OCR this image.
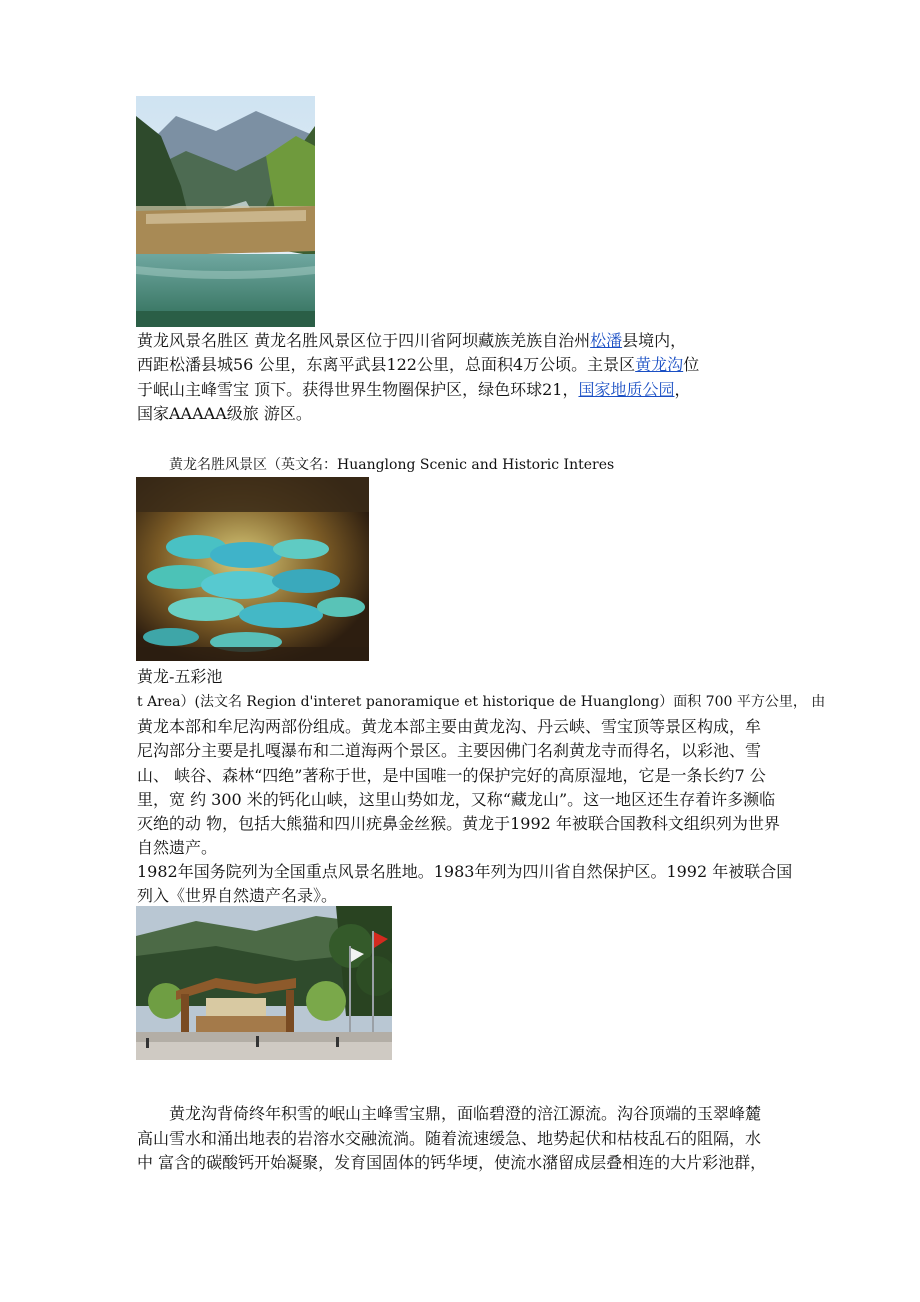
黄龙风景名胜区 黄龙名胜风景区位于四川省阿坝藏族羌族自治州松潘县境内，
西距松潘县城56 公里，东离平武县122公里，总面积4万公顷。主景区黄龙沟位
于岷山主峰雪宝 顶下。获得世界生物圈保护区，绿色环球21，国家地质公园，
国家AAAAA级旅 游区。
黄龙名胜风景区（英文名：Huanglong Scenic and Historic Interes
黄龙-五彩池
t Area）(法文名 Region d'interet panoramique et historique de Huanglong）面积 700 平方公里， 由
黄龙本部和牟尼沟两部份组成。黄龙本部主要由黄龙沟、丹云峡、雪宝顶等景区构成，牟
尼沟部分主要是扎嘎瀑布和二道海两个景区。主要因佛门名刹黄龙寺而得名，以彩池、雪
山、 峡谷、森林“四绝”著称于世，是中国唯一的保护完好的高原湿地，它是一条长约7 公
里，宽 约 300 米的钙化山峡，这里山势如龙，又称“藏龙山”。这一地区还生存着许多濒临
灭绝的动 物，包括大熊猫和四川疣鼻金丝猴。黄龙于1992 年被联合国教科文组织列为世界
自然遗产。
1982年国务院列为全国重点风景名胜地。1983年列为四川省自然保护区。1992 年被联合国
列入《世界自然遗产名录》。
黄龙沟背倚终年积雪的岷山主峰雪宝鼎，面临碧澄的涪江源流。沟谷顶端的玉翠峰麓
高山雪水和涌出地表的岩溶水交融流淌。随着流速缓急、地势起伏和枯枝乱石的阻隔，水
中 富含的碳酸钙开始凝聚，发育国固体的钙华埂，使流水潴留成层叠相连的大片彩池群，
